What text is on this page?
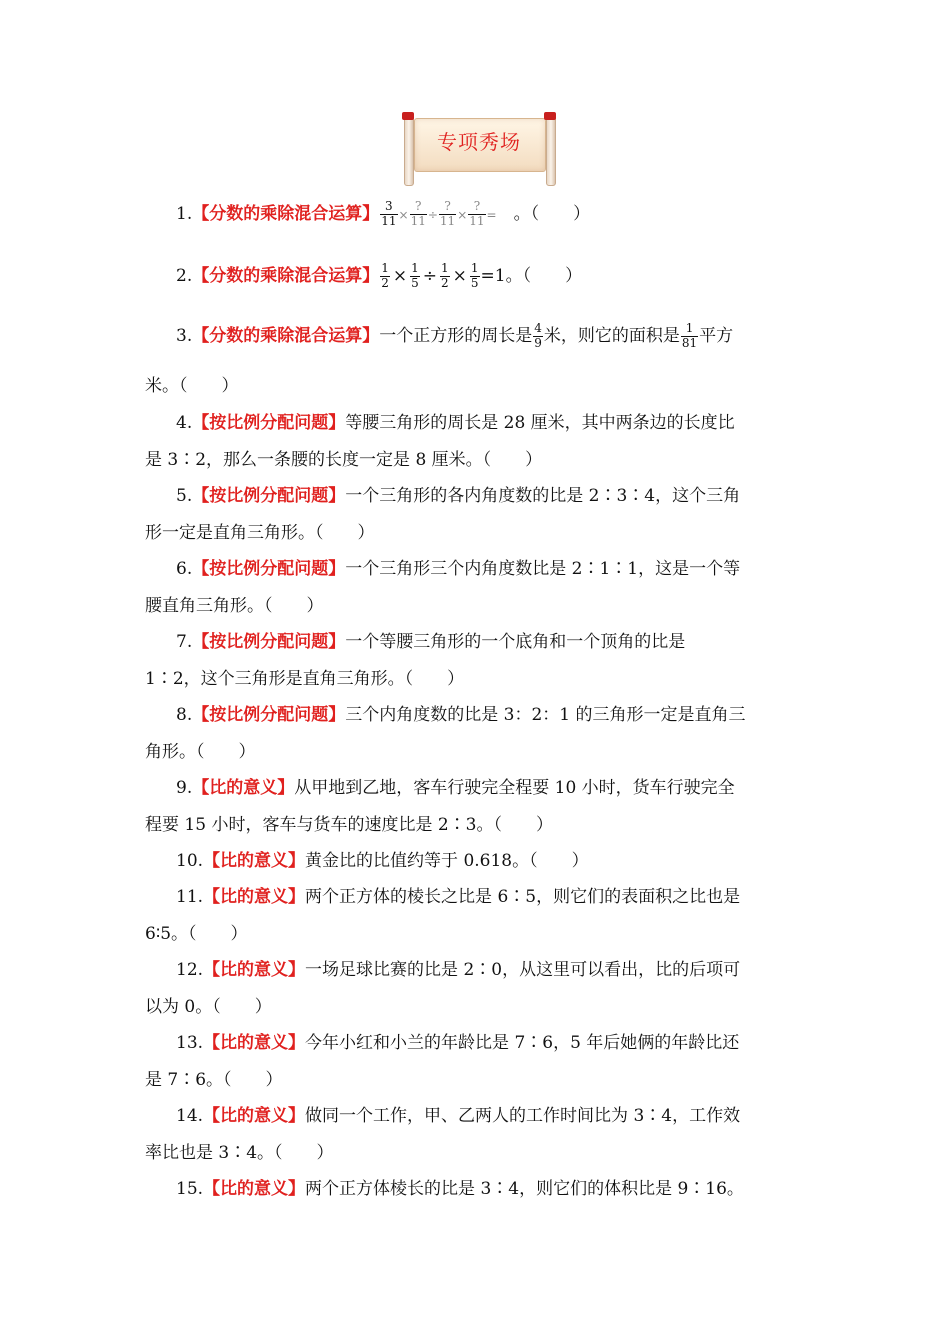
专项秀场
1.【分数的乘除混合运算】 $\frac{3}{11} \times \frac{?}{11} \div \frac{?}{11} \times \frac{?}{11}$ =　 。（　　）
2.【分数的乘除混合运算】 $\frac{1}{2} \times \frac{1}{5} \div \frac{1}{2} \times \frac{1}{5} =1$。（　　）
3.【分数的乘除混合运算】一个正方形的周长是 $\frac{4}{9}$ 米，则它的面积是 $\frac{1}{81}$ 平方
米。（　　）
4.【按比例分配问题】等腰三角形的周长是 28 厘米，其中两条边的长度比
是 3∶2，那么一条腰的长度一定是 8 厘米。（　　）
5.【按比例分配问题】一个三角形的各内角度数的比是 2∶3∶4，这个三角
形一定是直角三角形。（　　）
6.【按比例分配问题】一个三角形三个内角度数比是 2∶1∶1，这是一个等
腰直角三角形。（　　）
7.【按比例分配问题】一个等腰三角形的一个底角和一个顶角的比是
1∶2，这个三角形是直角三角形。（　　）
8.【按比例分配问题】三个内角度数的比是 3：2：1 的三角形一定是直角三
角形。（　　）
9.【比的意义】从甲地到乙地，客车行驶完全程要 10 小时，货车行驶完全
程要 15 小时，客车与货车的速度比是 2∶3。（　　）
10.【比的意义】黄金比的比值约等于 0.618。（　　）
11.【比的意义】两个正方体的棱长之比是 6∶5，则它们的表面积之比也是
6∶5。（　　）
12.【比的意义】一场足球比赛的比是 2∶0，从这里可以看出，比的后项可
以为 0。（　　）
13.【比的意义】今年小红和小兰的年龄比是 7∶6，5 年后她俩的年龄比还
是 7∶6。（　　）
14.【比的意义】做同一个工作，甲、乙两人的工作时间比为 3∶4，工作效
率比也是 3∶4。（　　）
15.【比的意义】两个正方体棱长的比是 3∶4，则它们的体积比是 9∶16。
